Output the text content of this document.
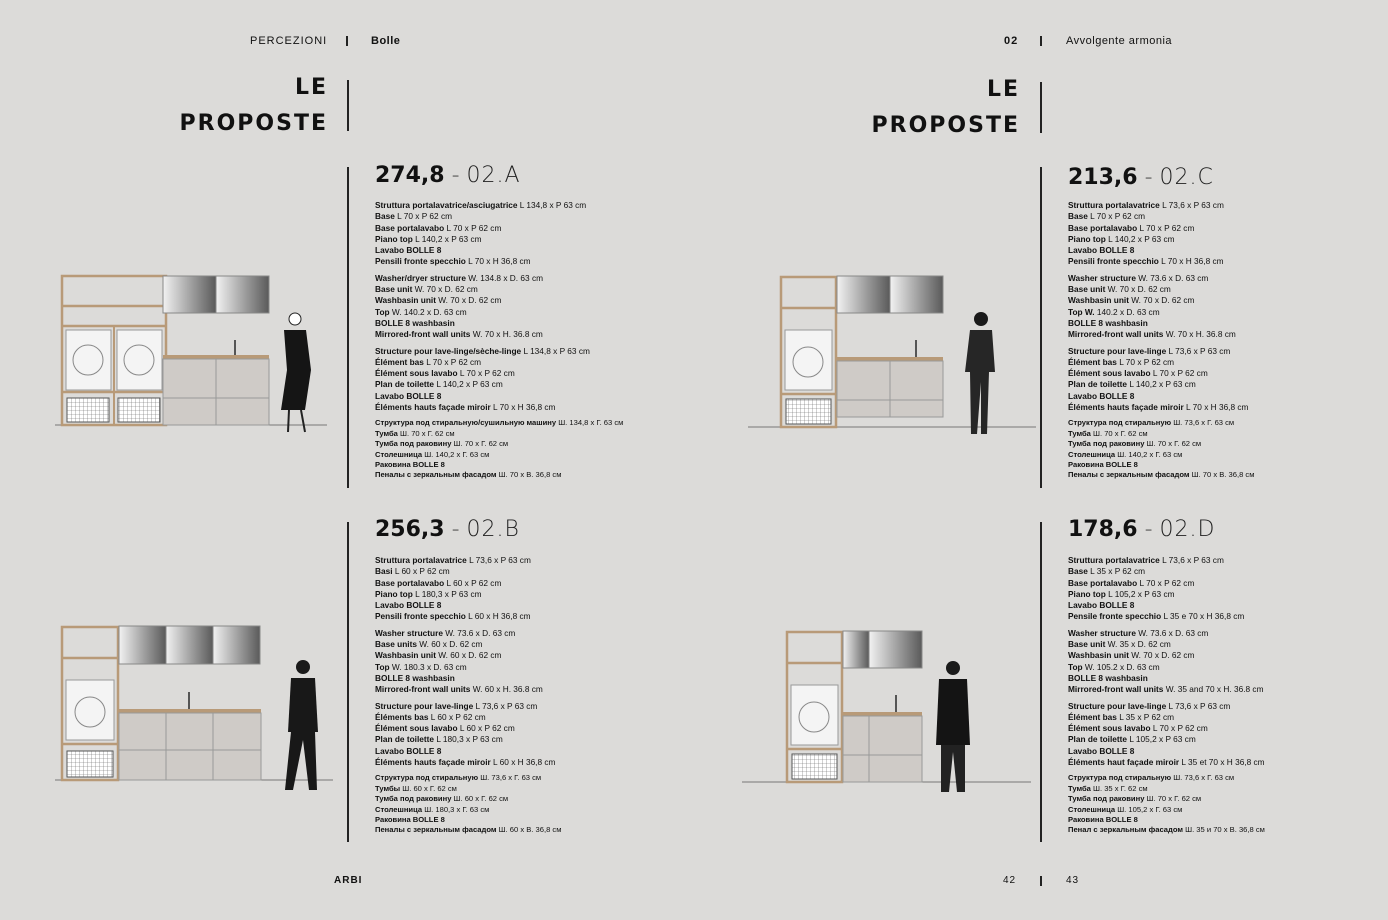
PERCEZIONI	Bolle	02	Avvolgente armonia
LE
PROPOSTE
LE
PROPOSTE
274,8 - 02.A
Struttura portalavatrice/asciugatrice L 134,8 x P 63 cm
Base L 70 x P 62 cm
Base portalavabo L 70 x P 62 cm
Piano top L 140,2 x P 63 cm
Lavabo BOLLE 8
Pensili fronte specchio L 70 x H 36,8 cm
Washer/dryer structure W. 134.8 x D. 63 cm
Base unit W. 70 x D. 62 cm
Washbasin unit W. 70 x D. 62 cm
Top W. 140.2 x D. 63 cm
BOLLE 8 washbasin
Mirrored-front wall units W. 70 x H. 36.8 cm
Structure pour lave-linge/sèche-linge L 134,8 x P 63 cm
Élément bas L 70 x P 62 cm
Élément sous lavabo L 70 x P 62 cm
Plan de toilette L 140,2 x P 63 cm
Lavabo BOLLE 8
Éléments hauts façade miroir L 70 x H 36,8 cm
Структура под стиральную/сушильную машину Ш. 134,8 x Г. 63 см
Тумба Ш. 70 x Г. 62 см
Тумба под раковину Ш. 70 x Г. 62 см
Столешница Ш. 140,2 x Г. 63 см
Раковина BOLLE 8
Пеналы с зеркальным фасадом Ш. 70 x В. 36,8 см
256,3 - 02.B
Struttura portalavatrice L 73,6 x P 63 cm
Basi L 60 x P 62 cm
Base portalavabo L 60 x P 62 cm
Piano top L 180,3 x P 63 cm
Lavabo BOLLE 8
Pensili fronte specchio L 60 x H 36,8 cm
Washer structure W. 73.6 x D. 63 cm
Base units W. 60 x D. 62 cm
Washbasin unit W. 60 x D. 62 cm
Top W. 180.3 x D. 63 cm
BOLLE 8 washbasin
Mirrored-front wall units W. 60 x H. 36.8 cm
Structure pour lave-linge L 73,6 x P 63 cm
Éléments bas L 60 x P 62 cm
Élément sous lavabo L 60 x P 62 cm
Plan de toilette L 180,3 x P 63 cm
Lavabo BOLLE 8
Éléments hauts façade miroir L 60 x H 36,8 cm
Структура под стиральную Ш. 73,6 x Г. 63 см
Тумбы Ш. 60 x Г. 62 см
Тумба под раковину Ш. 60 x Г. 62 см
Столешница Ш. 180,3 x Г. 63 см
Раковина BOLLE 8
Пеналы с зеркальным фасадом Ш. 60 x В. 36,8 см
213,6 - 02.C
Struttura portalavatrice L 73,6 x P 63 cm
Base L 70 x P 62 cm
Base portalavabo L 70 x P 62 cm
Piano top L 140,2 x P 63 cm
Lavabo BOLLE 8
Pensili fronte specchio L 70 x H 36,8 cm
Washer structure W. 73.6 x D. 63 cm
Base unit W. 70 x D. 62 cm
Washbasin unit W. 70 x D. 62 cm
Top W. 140.2 x D. 63 cm
BOLLE 8 washbasin
Mirrored-front wall units W. 70 x H. 36.8 cm
Structure pour lave-linge L 73,6 x P 63 cm
Élément bas L 70 x P 62 cm
Élément sous lavabo L 70 x P 62 cm
Plan de toilette L 140,2 x P 63 cm
Lavabo BOLLE 8
Éléments hauts façade miroir L 70 x H 36,8 cm
Структура под стиральную Ш. 73,6 x Г. 63 см
Тумба Ш. 70 x Г. 62 см
Тумба под раковину Ш. 70 x Г. 62 см
Столешница Ш. 140,2 x Г. 63 см
Раковина BOLLE 8
Пеналы с зеркальным фасадом Ш. 70 x В. 36,8 см
178,6 - 02.D
Struttura portalavatrice L 73,6 x P 63 cm
Base L 35 x P 62 cm
Base portalavabo L 70 x P 62 cm
Piano top L 105,2 x P 63 cm
Lavabo BOLLE 8
Pensile fronte specchio L 35 e 70 x H 36,8 cm
Washer structure W. 73.6 x D. 63 cm
Base unit W. 35 x D. 62 cm
Washbasin unit W. 70 x D. 62 cm
Top W. 105.2 x D. 63 cm
BOLLE 8 washbasin
Mirrored-front wall units W. 35 and 70 x H. 36.8 cm
Structure pour lave-linge L 73,6 x P 63 cm
Élément bas L 35 x P 62 cm
Élément sous lavabo L 70 x P 62 cm
Plan de toilette L 105,2 x P 63 cm
Lavabo BOLLE 8
Éléments haut façade miroir L 35 et 70 x H 36,8 cm
Структура под стиральную Ш. 73,6 x Г. 63 см
Тумба Ш. 35 x Г. 62 см
Тумба под раковину Ш. 70 x Г. 62 см
Столешница Ш. 105,2 x Г. 63 см
Раковина BOLLE 8
Пенал с зеркальным фасадом Ш. 35 и 70 x В. 36,8 см
ARBI	42	43
